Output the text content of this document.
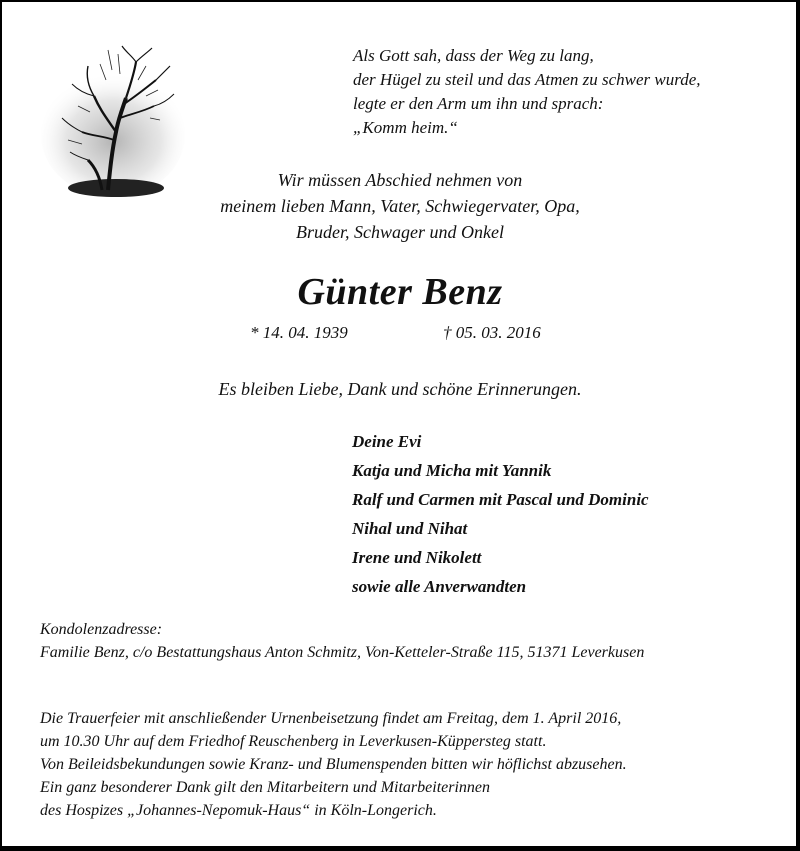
Als Gott sah, dass der Weg zu lang,
der Hügel zu steil und das Atmen zu schwer wurde,
legte er den Arm um ihn und sprach:
„Komm heim.“
Wir müssen Abschied nehmen von
meinem lieben Mann, Vater, Schwiegervater, Opa,
Bruder, Schwager und Onkel
Günter Benz
* 14. 04. 1939	† 05. 03. 2016
Es bleiben Liebe, Dank und schöne Erinnerungen.
Deine Evi
Katja und Micha mit Yannik
Ralf und Carmen mit Pascal und Dominic
Nihal und Nihat
Irene und Nikolett
sowie alle Anverwandten
Kondolenzadresse:
Familie Benz, c/o Bestattungshaus Anton Schmitz, Von-Ketteler-Straße 115, 51371 Leverkusen
Die Trauerfeier mit anschließender Urnenbeisetzung findet am Freitag, dem 1. April 2016,
um 10.30 Uhr auf dem Friedhof Reuschenberg in Leverkusen-Küppersteg statt.
Von Beileidsbekundungen sowie Kranz- und Blumenspenden bitten wir höflichst abzusehen.
Ein ganz besonderer Dank gilt den Mitarbeitern und Mitarbeiterinnen
des Hospizes „Johannes-Nepomuk-Haus“ in Köln-Longerich.
